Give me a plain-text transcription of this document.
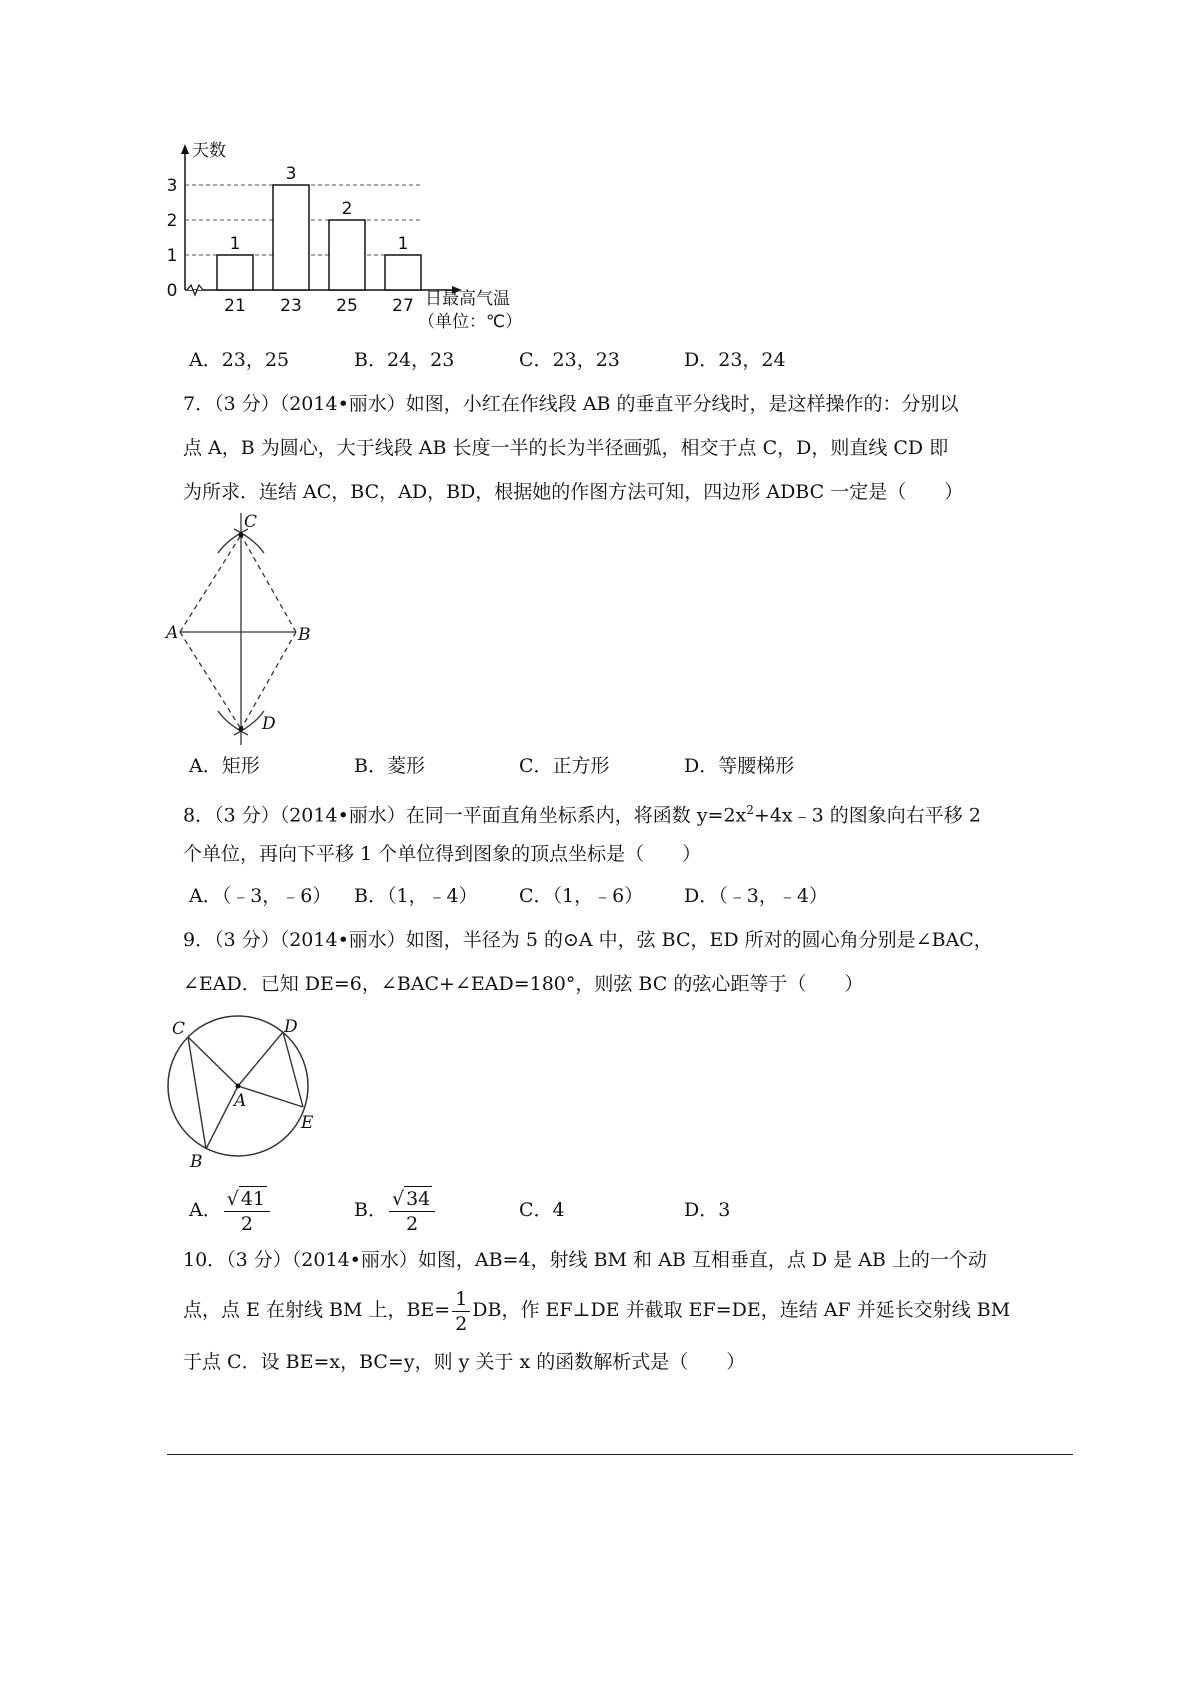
1
3
2
1
0
1
2
3
21 23 25 27
天数
日最高气温
（单位：℃）
A．23，25	B．24，23	C．23，23	D．23，24
7．（3 分）（2014•丽水）如图，小红在作线段 AB 的垂直平分线时，是这样操作的：分别以
点 A，B 为圆心，大于线段 AB 长度一半的长为半径画弧，相交于点 C，D，则直线 CD 即
为所求．连结 AC，BC，AD，BD，根据她的作图方法可知，四边形 ADBC 一定是（　　）
C
A	B
D
A．矩形	B．菱形	C．正方形	D．等腰梯形
8．（3 分）（2014•丽水）在同一平面直角坐标系内，将函数 $y=2x^2+4x﹣3$ 的图象向右平移 2
个单位，再向下平移 1 个单位得到图象的顶点坐标是（　　）
A．（﹣3，﹣6） B．（1，﹣4） C．（1，﹣6） D．（﹣3，﹣4）
9．（3 分）（2014•丽水）如图，半径为 5 的⊙A 中，弦 BC，ED 所对的圆心角分别是∠BAC，
∠EAD．已知 DE=6，∠BAC+∠EAD=180°，则弦 BC 的弦心距等于（　　）
C	D
A
E
B
A． $\frac{√ 41}{2}$	B． $\frac{√ 34}{2}$	C．4	D．3
10．（3 分）（2014•丽水）如图，AB=4，射线 BM 和 AB 互相垂直，点 D 是 AB 上的一个动
点，点 E 在射线 BM 上，$BE= \frac{1}{2}$ DB，作 EF⊥DE 并截取 EF=DE，连结 AF 并延长交射线 BM
于点 C．设 BE=x，BC=y，则 y 关于 x 的函数解析式是（　　）
